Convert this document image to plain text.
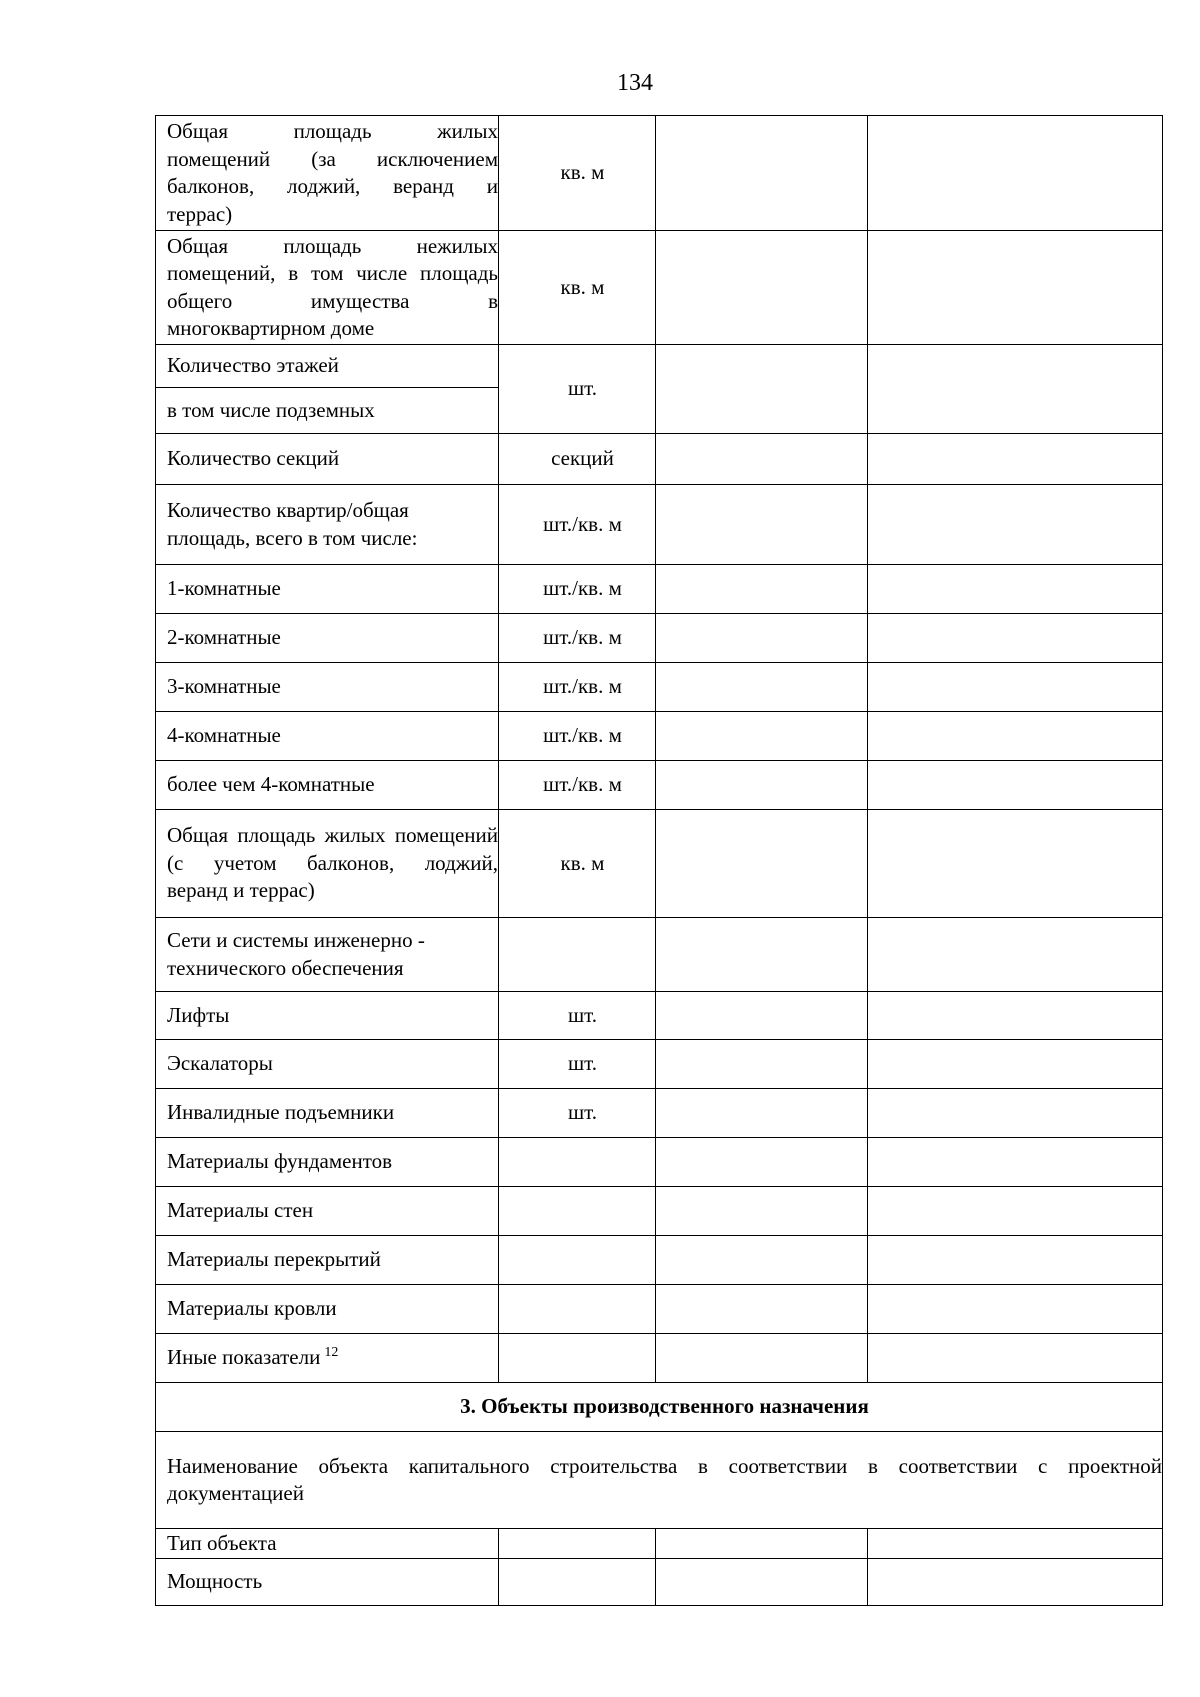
134
Общая площадь жилых
помещений (за исключением
балконов, лоджий, веранд и
террас)	кв. м		

Общая площадь нежилых
помещений, в том числе площадь
общего имущества в
многоквартирном доме	кв. м		
Количество этажей	шт.		
в том числе подземных			
Количество секций	секций		

Количество квартир/общая
площадь, всего в том числе:	шт./кв. м		
1-комнатные	шт./кв. м		
2-комнатные	шт./кв. м		
3-комнатные	шт./кв. м		
4-комнатные	шт./кв. м		
более чем 4-комнатные	шт./кв. м		

Общая площадь жилых помещений
(с учетом балконов, лоджий,
веранд и террас)	кв. м		

Сети и системы инженерно -
технического обеспечения			

Лифты	шт.		
Эскалаторы	шт.		
Инвалидные подъемники	шт.		
Материалы фундаментов			
Материалы стен			
Материалы перекрытий			
Материалы кровли			
Иные показатели $^{12}$			
3. Объекты производственного назначения			

Наименование объекта капитального строительства в соответствии в соответствии с проектной
документацией			

Тип объекта			
Мощность			
